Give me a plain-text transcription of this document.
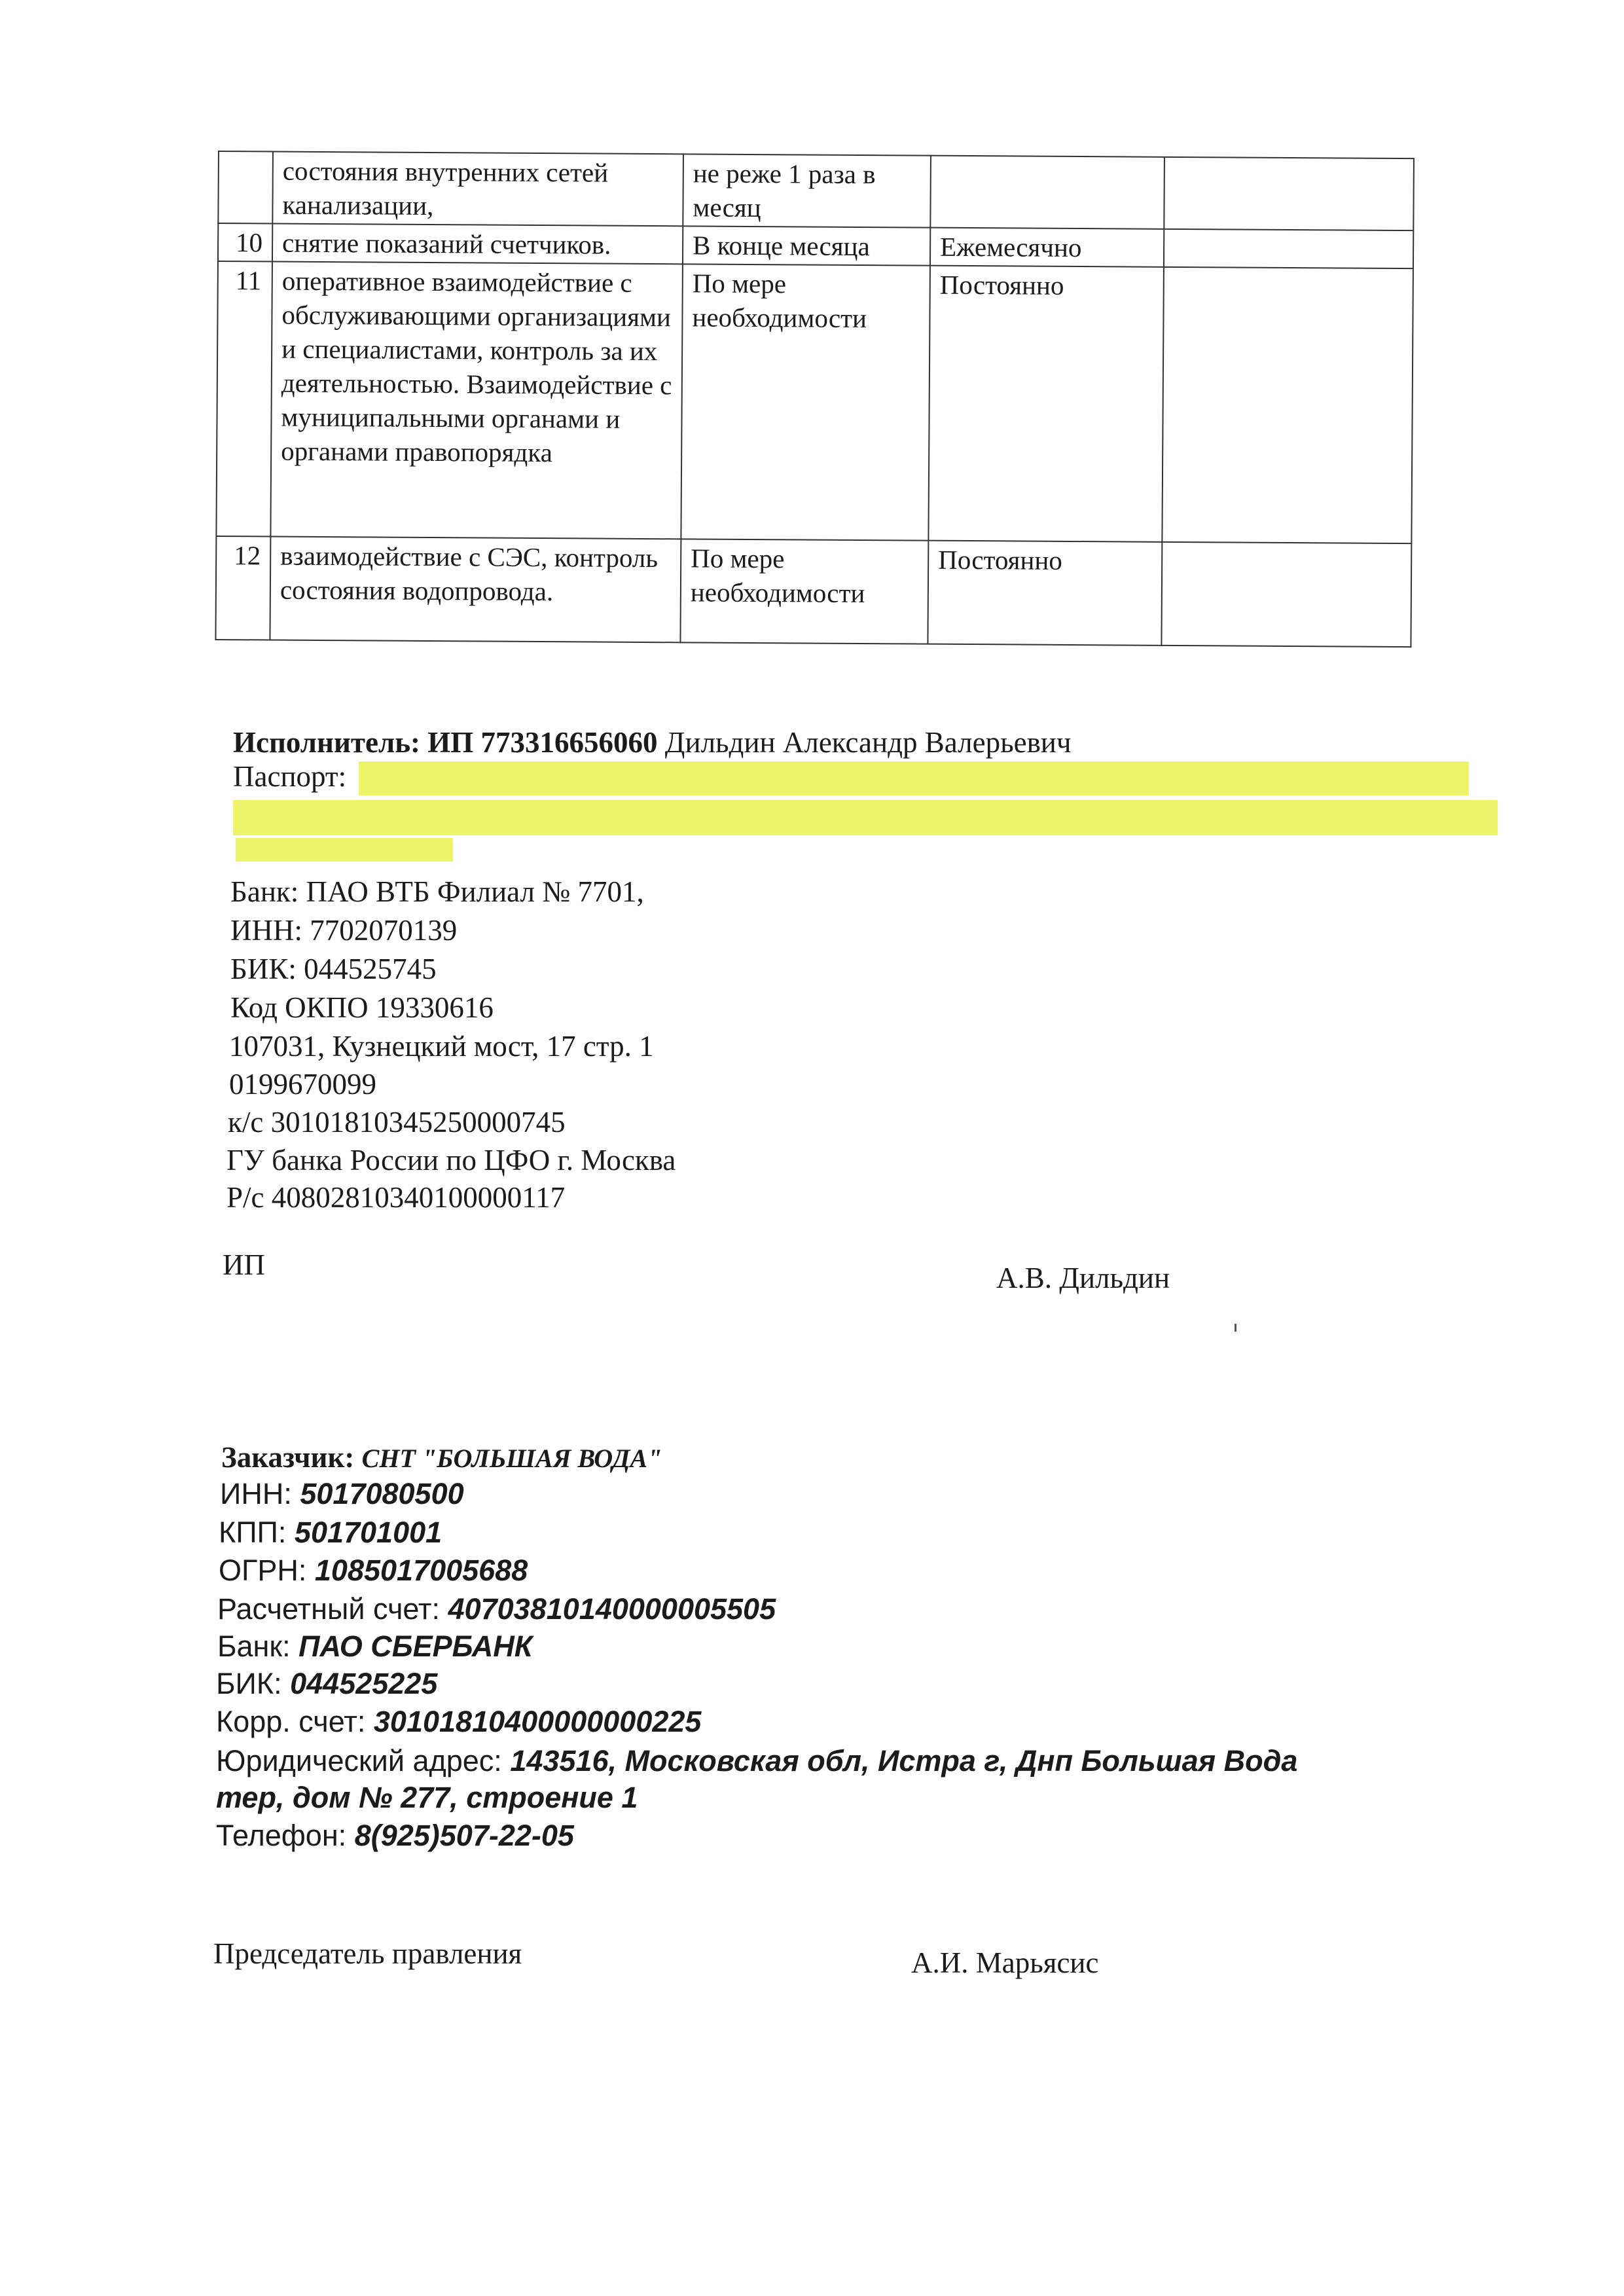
	состояния внутренних сетей канализации,	не реже 1 раза в месяц		
10	снятие показаний счетчиков.	В конце месяца	Ежемесячно	
11	оперативное взаимодействие с обслуживающими организациями и специалистами, контроль за их деятельностью. Взаимодействие с муниципальными органами и органами правопорядка	По мере необходимости	Постоянно	
12	взаимодействие с СЭС, контроль состояния водопровода.	По мере необходимости	Постоянно	
Исполнитель: ИП 773316656060 Дильдин Александр Валерьевич
Паспорт:
Банк: ПАО ВТБ Филиал № 7701,
ИНН: 7702070139
БИК: 044525745
Код ОКПО 19330616
107031, Кузнецкий мост, 17 стр. 1
0199670099
к/с 30101810345250000745
ГУ банка России по ЦФО г. Москва
Р/с 40802810340100000117
ИП	А.В. Дильдин
Заказчик: СНТ "БОЛЬШАЯ ВОДА"
ИНН: 5017080500
КПП: 501701001
ОГРН: 1085017005688
Расчетный счет: 40703810140000005505
Банк: ПАО СБЕРБАНК
БИК: 044525225
Корр. счет: 30101810400000000225
Юридический адрес: 143516, Московская обл, Истра г, Днп Большая Вода
тер, дом № 277, строение 1
Телефон: 8(925)507-22-05
Председатель правления	А.И. Марьясис
